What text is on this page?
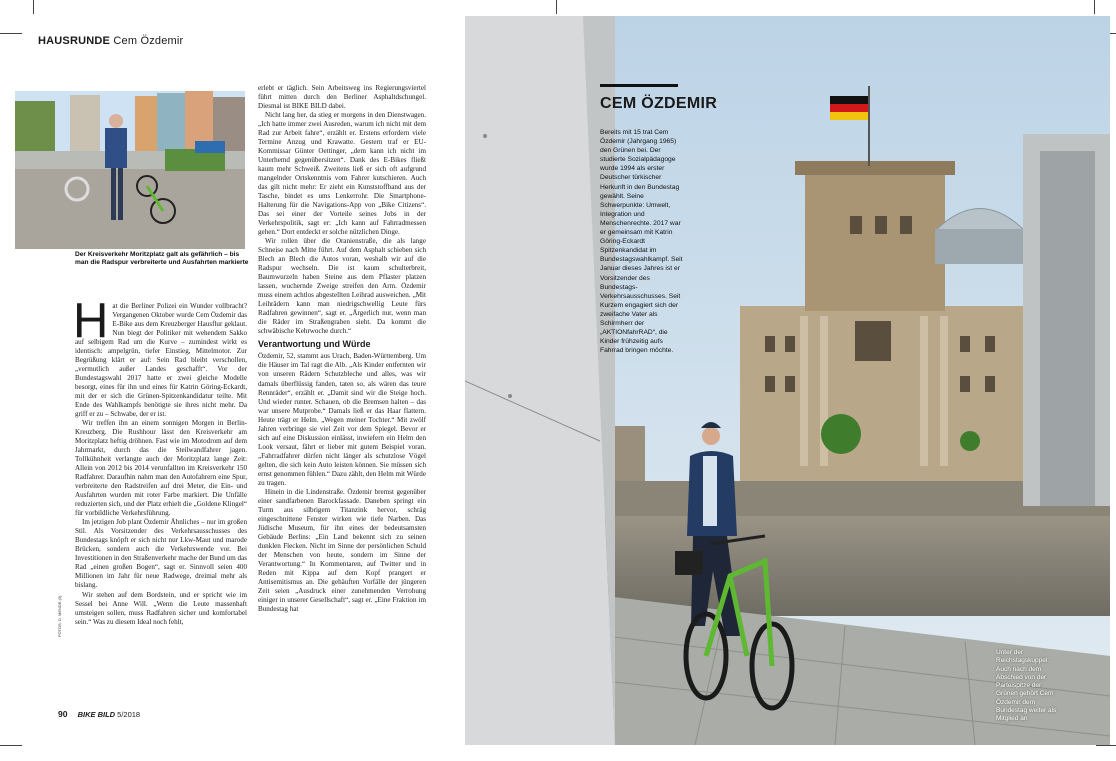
HAUSRUNDE Cem Özdemir
Der Kreisverkehr Moritzplatz galt als gefährlich – bis man die Radspur verbreiterte und Ausfahrten markierte

Hat die Berliner Polizei ein Wunder vollbracht? Vergangenen Oktober wurde Cem Özdemir das E-Bike aus dem Kreuzberger Hausflur geklaut. Nun biegt der Politiker mit wehendem Sakko auf selbigem Rad um die Kurve – zumindest wirkt es identisch: ampelgrün, tiefer Einstieg, Mittelmotor. Zur Begrüßung klärt er auf: Sein Rad bleibt verschollen, „vermutlich außer Landes geschafft“. Vor der Bundestagswahl 2017 hatte er zwei gleiche Modelle besorgt, eines für ihn und eines für Katrin Göring-Eckardt, mit der er sich die Grünen-Spitzenkandidatur teilte. Mit Ende des Wahlkampfs benötigte sie ihres nicht mehr. Da griff er zu – Schwabe, der er ist.

Wir treffen ihn an einem sonnigen Morgen in Berlin-Kreuzberg. Die Rushhour lässt den Kreisverkehr am Moritzplatz heftig dröhnen. Fast wie im Motodrom auf dem Jahrmarkt, durch das die Steilwandfahrer jagen. Tollkühnheit verlangte auch der Moritzplatz lange Zeit: Allein von 2012 bis 2014 verunfallten im Kreisverkehr 150 Radfahrer. Daraufhin nahm man den Autofahrern eine Spur, verbreiterte den Radstreifen auf drei Meter, die Ein- und Ausfahrten wurden mit roter Farbe markiert. Die Unfälle reduzierten sich, und der Platz erhielt die „Goldene Klingel“ für vorbildliche Verkehrsführung.

Im jetzigen Job plant Özdemir Ähnliches – nur im großen Stil. Als Vorsitzender des Verkehrsausschusses des Bundestags knöpft er sich nicht nur Lkw-Maut und marode Brücken, sondern auch die Verkehrswende vor. Bei Investitionen in den Straßenverkehr mache der Bund um das Rad „einen großen Bogen“, sagt er. Sinnvoll seien 400 Millionen im Jahr für neue Radwege, dreimal mehr als bislang.

Wir stehen auf dem Bordstein, und er spricht wie im Sessel bei Anne Will. „Wenn die Leute massenhaft umsteigen sollen, muss Radfahren sicher und komfortabel sein.“ Was zu diesem Ideal noch fehlt,

erlebt er täglich. Sein Arbeitsweg ins Regierungsviertel führt mitten durch den Berliner Asphaltdschungel. Diesmal ist BIKE BILD dabei.

Nicht lang her, da stieg er morgens in den Dienstwagen. „Ich hatte immer zwei Ausreden, warum ich nicht mit dem Rad zur Arbeit fahre“, erzählt er. Erstens erfordern viele Termine Anzug und Krawatte. Gestern traf er EU-Kommissar Günter Oettinger, „dem kann ich nicht im Unterhemd gegenübersitzen“. Dank des E-Bikes fließt kaum mehr Schweiß. Zweitens ließ er sich oft aufgrund mangelnder Ortskenntnis vom Fahrer kutschieren. Auch das gilt nicht mehr: Er zieht ein Kunststoffband aus der Tasche, bindet es ums Lenkerrohr. Die Smartphone-Halterung für die Navigations-App von „Bike Citizens“. Das sei einer der Vorteile seines Jobs in der Verkehrspolitik, sagt er: „Ich kann auf Fahrradmessen gehen.“ Dort entdeckt er solche nützlichen Dinge.

Wir rollen über die Oranienstraße, die als lange Schneise nach Mitte führt. Auf dem Asphalt schieben sich Blech an Blech die Autos voran, weshalb wir auf die Radspur wechseln. Die ist kaum schulterbreit, Baumwurzeln haben Steine aus dem Pflaster platzen lassen, wuchernde Zweige streifen den Arm. Özdemir muss einem achtlos abgestellten Leihrad ausweichen. „Mit Leihrädern kann man niedrigschwellig Leute fürs Radfahren gewinnen“, sagt er. „Ärgerlich nur, wenn man die Räder im Straßengraben sieht. Da kommt die schwäbische Kehrwoche durch.“

Verantwortung und Würde

Özdemir, 52, stammt aus Urach, Baden-Württemberg. Um die Häuser im Tal ragt die Alb. „Als Kinder entfernten wir von unseren Rädern Schutzbleche und alles, was wir damals überflüssig fanden, taten so, als wären das teure Rennräder“, erzählt er. „Damit sind wir die Steige hoch. Und wieder runter. Schauen, ob die Bremsen halten – das war unsere Mutprobe.“ Damals ließ er das Haar flattern. Heute trägt er Helm. „Wegen meiner Tochter.“ Mit zwölf Jahren verbringe sie viel Zeit vor dem Spiegel. Bevor er sich auf eine Diskussion einlässt, inwiefern ein Helm den Look versaut, fährt er lieber mit gutem Beispiel voran. „Fahrradfahrer dürfen nicht länger als schutzlose Vögel gelten, die sich kein Auto leisten können. Sie müssen sich ernst genommen fühlen.“ Dazu zählt, den Helm mit Würde zu tragen.

Hinein in die Lindenstraße. Özdemir bremst gegenüber einer sandfarbenen Barockfassade. Daneben springt ein Turm aus silbrigem Titanzink hervor, schräg eingeschnittene Fenster wirken wie tiefe Narben. Das Jüdische Museum, für ihn eines der bedeutsamsten Gebäude Berlins: „Ein Land bekennt sich zu seinen dunklen Flecken. Nicht im Sinne der persönlichen Schuld der Menschen von heute, sondern im Sinne der Verantwortung.“ In Kommentaren, auf Twitter und in Reden mit Kippa auf dem Kopf prangert er Antisemitismus an. Die gehäuften Vorfälle der jüngeren Zeit seien „Ausdruck einer zunehmenden Verrohung einiger in unserer Gesellschaft“, sagt er. „Eine Fraktion im Bundestag hat

FOTOS: D. MENDE (3)
90 BIKE BILD 5/2018
CEM ÖZDEMIR
Bereits mit 15 trat Cem Özdemir (Jahrgang 1965) den Grünen bei. Der studierte Sozialpädagoge wurde 1994 als erster Deutscher türkischer Herkunft in den Bundestag gewählt. Seine Schwerpunkte: Umwelt, Integration und Menschenrechte. 2017 war er gemeinsam mit Katrin Göring-Eckardt Spitzenkandidat im Bundestagswahlkampf. Seit Januar dieses Jahres ist er Vorsitzender des Bundestags-Verkehrsausschusses. Seit Kurzem engagiert sich der zweifache Vater als Schirmherr der „AKTIONfahrRAD“, die Kinder frühzeitig aufs Fahrrad bringen möchte.
Unter der Reichstagskuppel: Auch nach dem Abschied von der Parteispitze der Grünen gehört Cem Özdemir dem Bundestag weiter als Mitglied an
